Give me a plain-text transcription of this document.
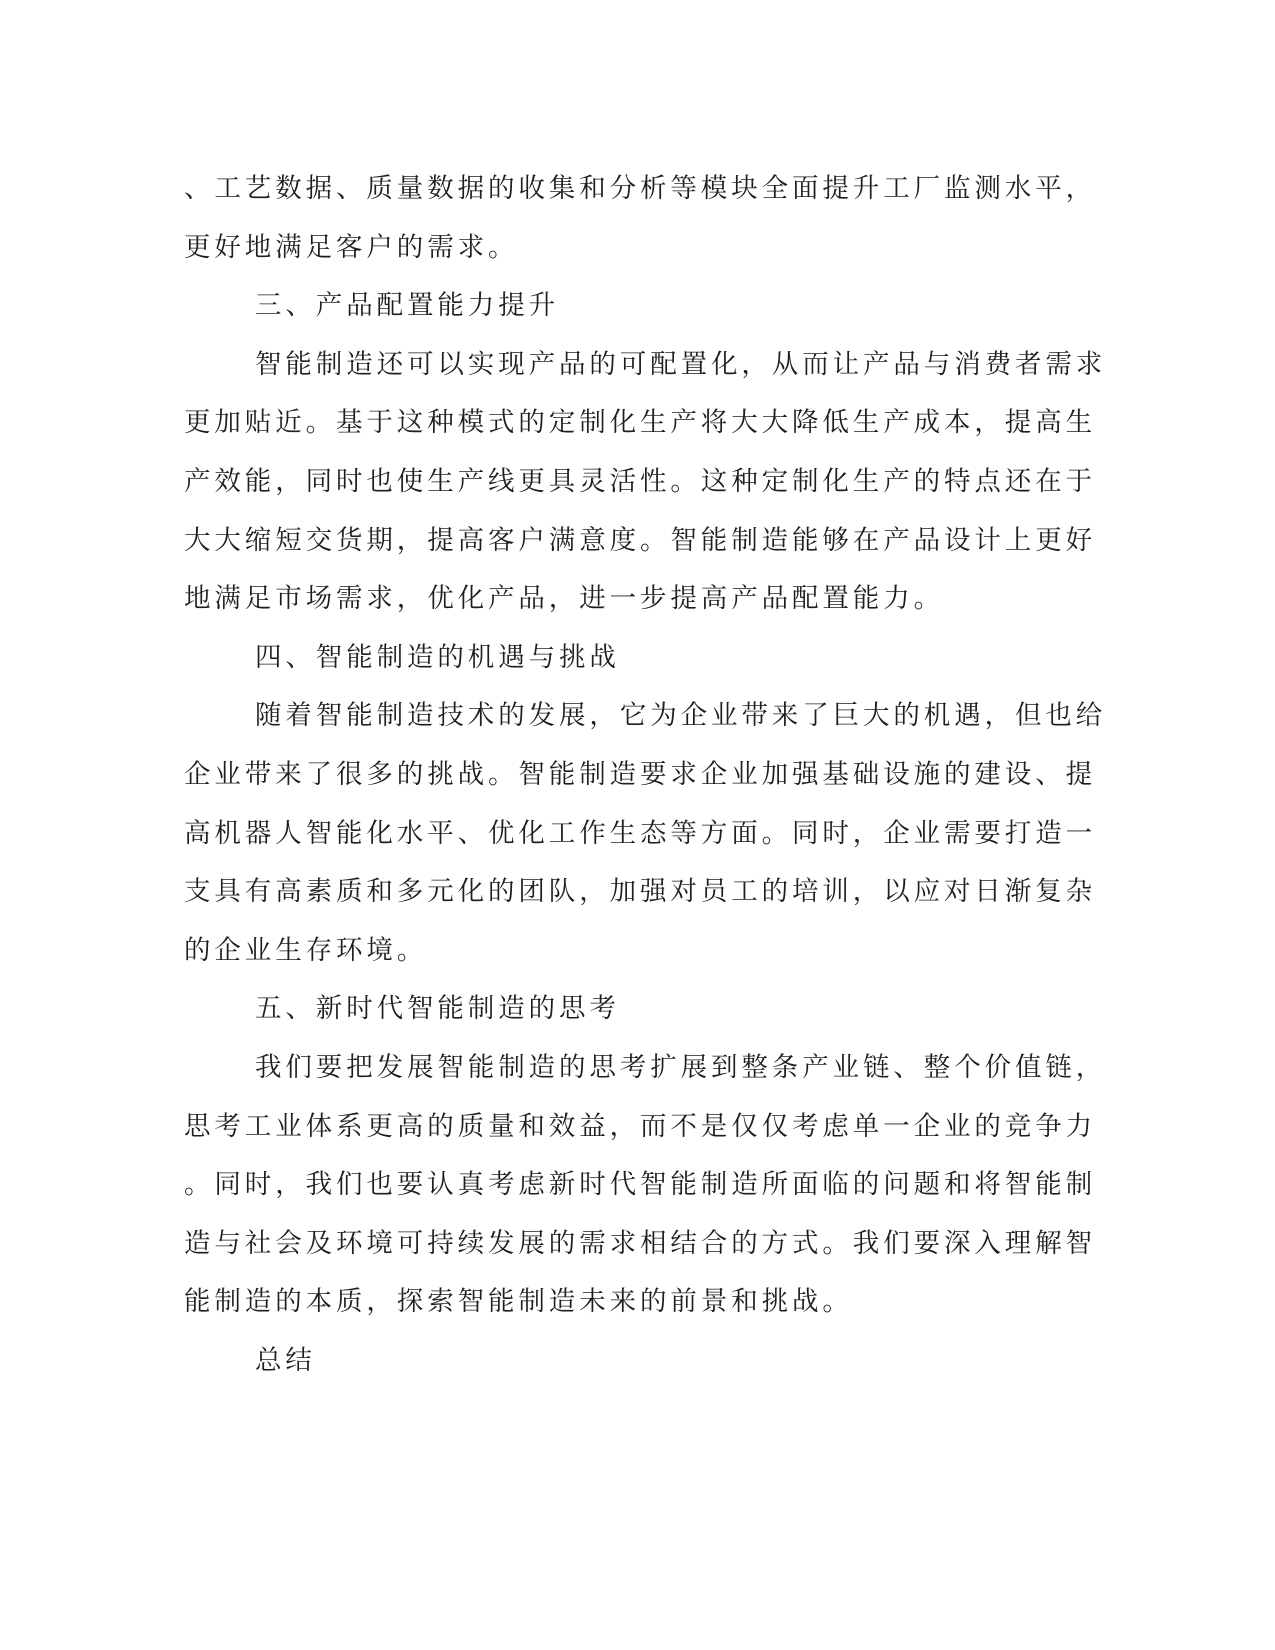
、工艺数据、质量数据的收集和分析等模块全面提升工厂监测水平，
更好地满足客户的需求。
三、产品配置能力提升
智能制造还可以实现产品的可配置化，从而让产品与消费者需求
更加贴近。基于这种模式的定制化生产将大大降低生产成本，提高生
产效能，同时也使生产线更具灵活性。这种定制化生产的特点还在于
大大缩短交货期，提高客户满意度。智能制造能够在产品设计上更好
地满足市场需求，优化产品，进一步提高产品配置能力。
四、智能制造的机遇与挑战
随着智能制造技术的发展，它为企业带来了巨大的机遇，但也给
企业带来了很多的挑战。智能制造要求企业加强基础设施的建设、提
高机器人智能化水平、优化工作生态等方面。同时，企业需要打造一
支具有高素质和多元化的团队，加强对员工的培训，以应对日渐复杂
的企业生存环境。
五、新时代智能制造的思考
我们要把发展智能制造的思考扩展到整条产业链、整个价值链，
思考工业体系更高的质量和效益，而不是仅仅考虑单一企业的竞争力
。同时，我们也要认真考虑新时代智能制造所面临的问题和将智能制
造与社会及环境可持续发展的需求相结合的方式。我们要深入理解智
能制造的本质，探索智能制造未来的前景和挑战。
总结
